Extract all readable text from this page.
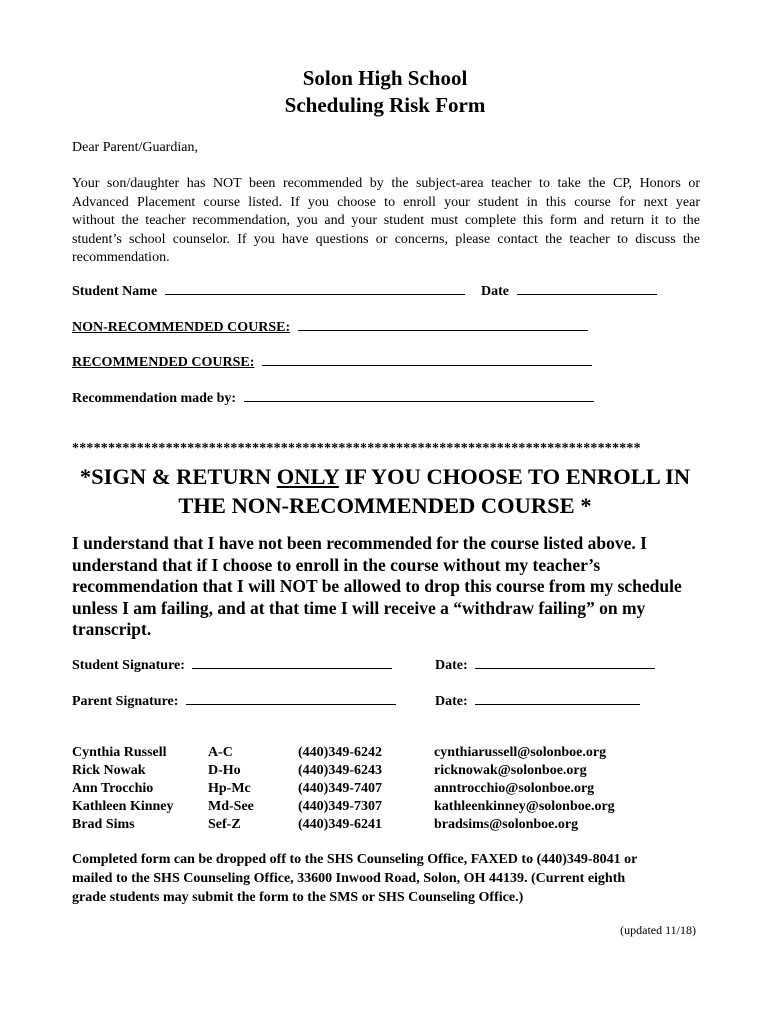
Solon High School
Scheduling Risk Form
Dear Parent/Guardian,
Your son/daughter has NOT been recommended by the subject-area teacher to take the CP, Honors or
Advanced Placement course listed. If you choose to enroll your student in this course for next year
without the teacher recommendation, you and your student must complete this form and return it to the
student’s school counselor. If you have questions or concerns, please contact the teacher to discuss the
recommendation.
Student Name	Date
NON-RECOMMENDED COURSE:
RECOMMENDED COURSE:
Recommendation made by:
*******************************************************************************
*SIGN & RETURN ONLY IF YOU CHOOSE TO ENROLL IN
THE NON-RECOMMENDED COURSE *
I understand that I have not been recommended for the course listed above. I
understand that if I choose to enroll in the course without my teacher’s
recommendation that I will NOT be allowed to drop this course from my schedule
unless I am failing, and at that time I will receive a “withdraw failing” on my
transcript.
Student Signature:	Date:
Parent Signature:	Date:
Cynthia Russell	A-C	(440)349-6242	cynthiarussell@solonboe.org
Rick Nowak	D-Ho	(440)349-6243	ricknowak@solonboe.org
Ann Trocchio	Hp-Mc	(440)349-7407	anntrocchio@solonboe.org
Kathleen Kinney Md-See	(440)349-7307	kathleenkinney@solonboe.org
Brad Sims	Sef-Z	(440)349-6241	bradsims@solonboe.org
Completed form can be dropped off to the SHS Counseling Office, FAXED to (440)349-8041 or
mailed to the SHS Counseling Office, 33600 Inwood Road, Solon, OH 44139. (Current eighth
grade students may submit the form to the SMS or SHS Counseling Office.)
(updated 11/18)
